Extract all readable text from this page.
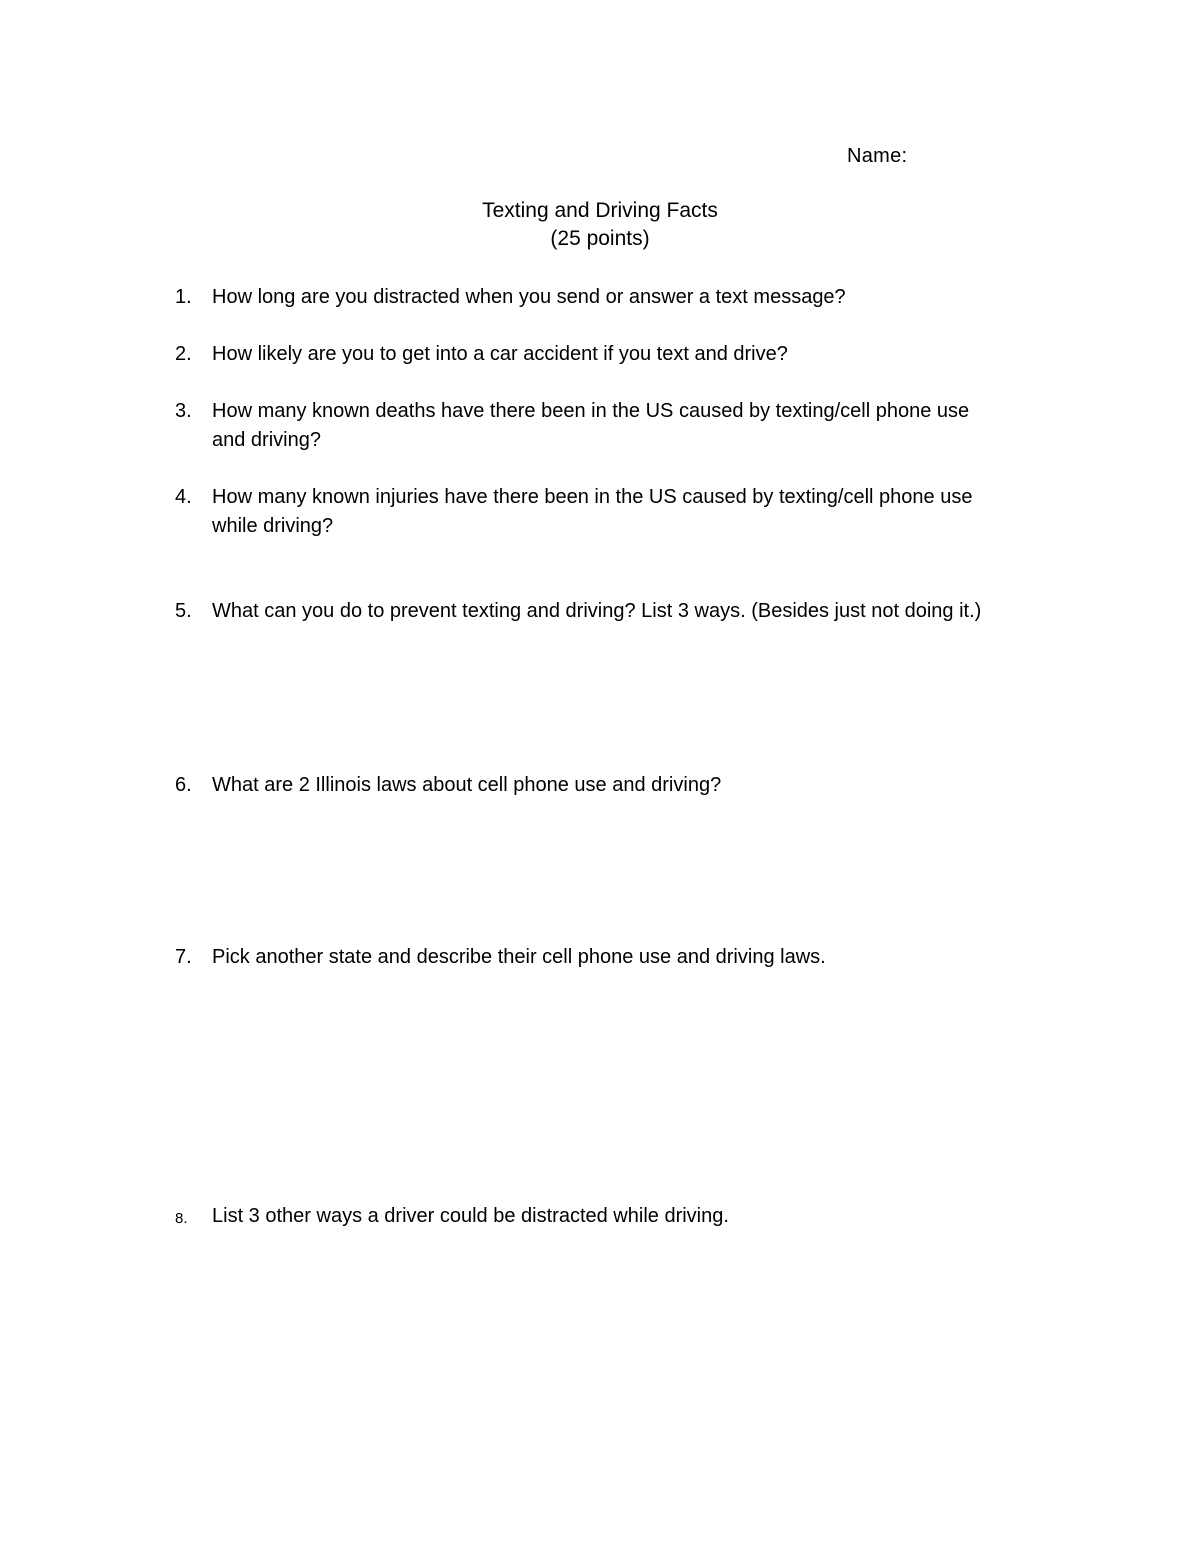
Name:
Texting and Driving Facts
(25 points)
1.	How long are you distracted when you send or answer a text message?
2.	How likely are you to get into a car accident if you text and drive?
3.	How many known deaths have there been in the US caused by texting/cell phone use
and driving?
4.	How many known injuries have there been in the US caused by texting/cell phone use
while driving?
5.	What can you do to prevent texting and driving? List 3 ways. (Besides just not doing it.)
6.	What are 2 Illinois laws about cell phone use and driving?
7.	Pick another state and describe their cell phone use and driving laws.
8.	List 3 other ways a driver could be distracted while driving.
